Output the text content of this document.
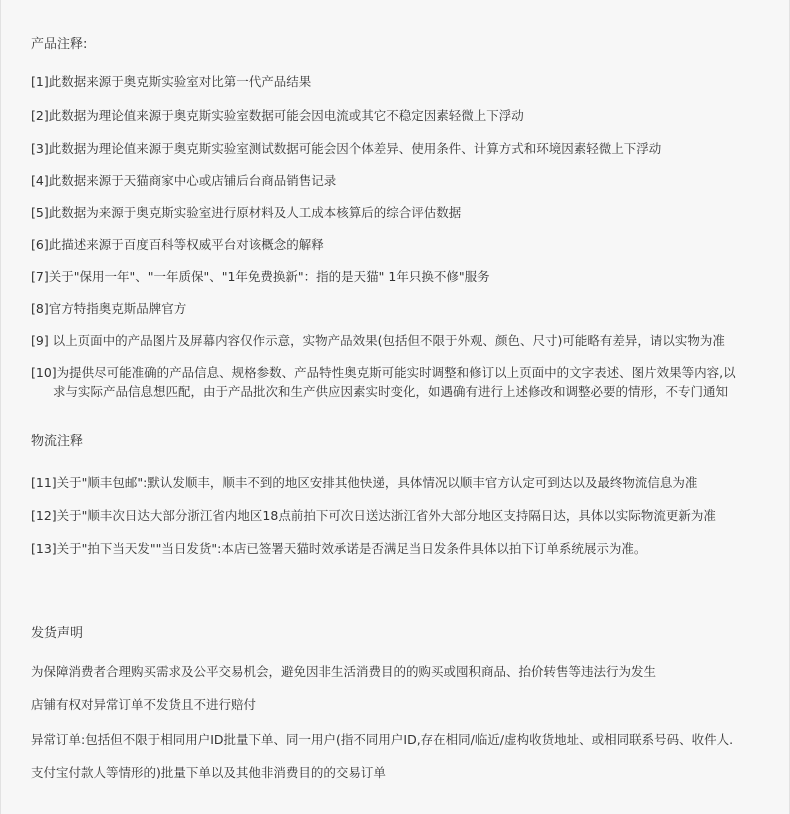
产品注释:
[1]此数据来源于奥克斯实验室对比第一代产品结果
[2]此数据为理论值来源于奥克斯实验室数据可能会因电流或其它不稳定因素轻微上下浮动
[3]此数据为理论值来源于奥克斯实验室测试数据可能会因个体差异、使用条件、计算方式和环境因素轻微上下浮动
[4]此数据来源于天猫商家中心或店铺后台商品销售记录
[5]此数据为来源于奥克斯实验室进行原材料及人工成本核算后的综合评估数据
[6]此描述来源于百度百科等权威平台对该概念的解释
[7]关于"保用一年"、"一年质保"、"1年免费换新"：指的是天猫" 1年只换不修"服务
[8]官方特指奥克斯品牌官方
[9] 以上页面中的产品图片及屏幕内容仅作示意，实物产品效果(包括但不限于外观、颜色、尺寸)可能略有差异，请以实物为准
[10]为提供尽可能准确的产品信息、规格参数、产品特性奥克斯可能实时调整和修订以上页面中的文字表述、图片效果等内容,以
求与实际产品信息想匹配，由于产品批次和生产供应因素实时变化，如遇确有进行上述修改和调整必要的情形，不专门通知
物流注释
[11]关于"顺丰包邮":默认发顺丰，顺丰不到的地区安排其他快递，具体情况以顺丰官方认定可到达以及最终物流信息为准
[12]关于"顺丰次日达大部分浙江省内地区18点前拍下可次日送达浙江省外大部分地区支持隔日达，具体以实际物流更新为准
[13]关于"拍下当天发""当日发货":本店已签署天猫时效承诺是否满足当日发条件具体以拍下订单系统展示为准。
发货声明
为保障消费者合理购买需求及公平交易机会，避免因非生活消费目的的购买或囤积商品、抬价转售等违法行为发生
店铺有权对异常订单不发货且不进行赔付
异常订单:包括但不限于相同用户ID批量下单、同一用户(指不同用户ID,存在相同/临近/虚构收货地址、或相同联系号码、收件人.
支付宝付款人等情形的)批量下单以及其他非消费目的的交易订单
